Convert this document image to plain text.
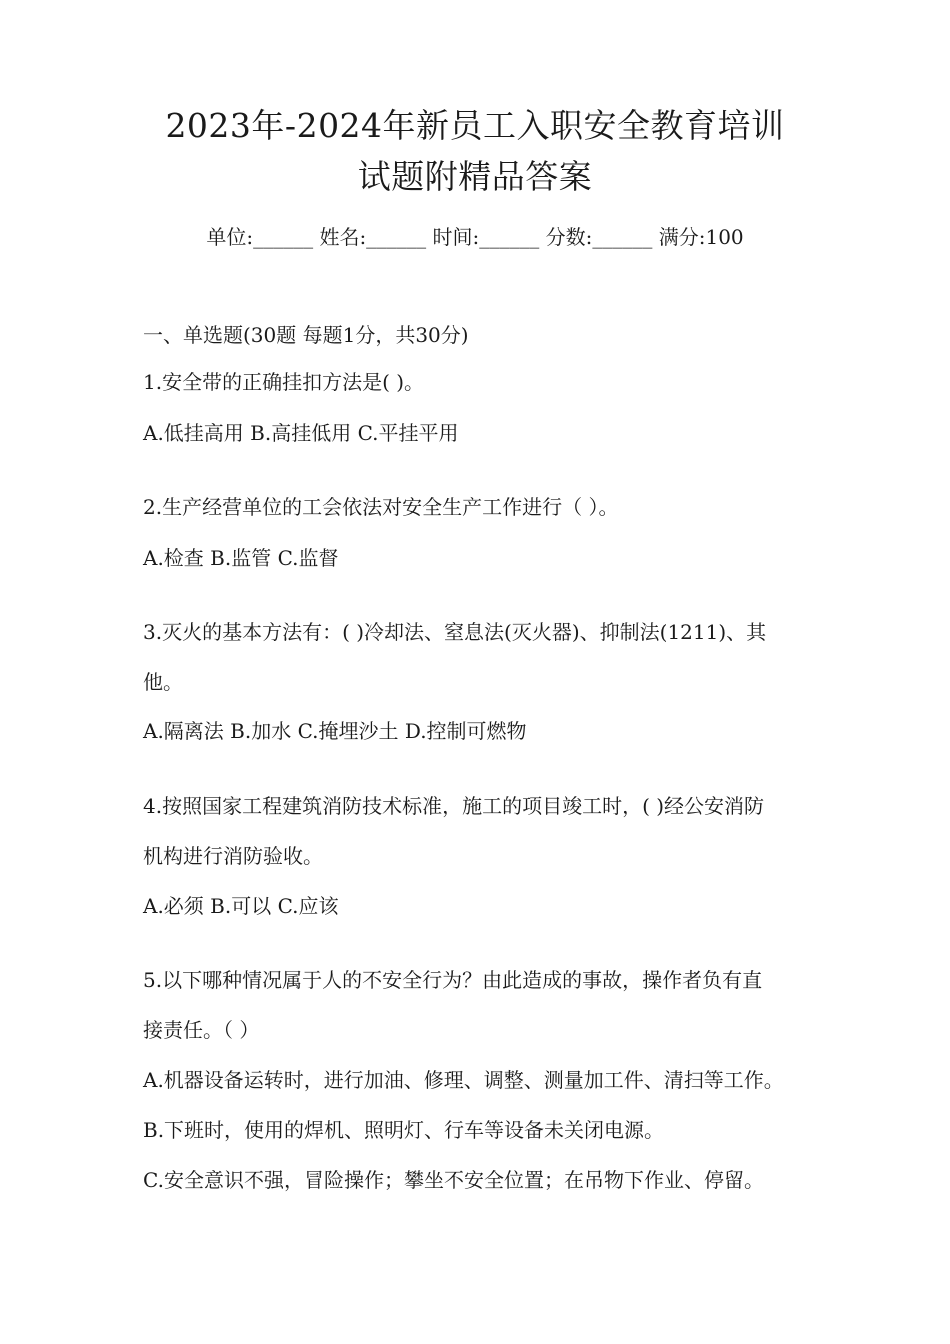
2023年-2024年新员工入职安全教育培训
试题附精品答案
单位:______ 姓名:______ 时间:______ 分数:______ 满分:100
一、单选题(30题 每题1分，共30分)
1.安全带的正确挂扣方法是( )。
A.低挂高用 B.高挂低用 C.平挂平用
2.生产经营单位的工会依法对安全生产工作进行（ ）。
A.检查 B.监管 C.监督
3.灭火的基本方法有：( )冷却法、窒息法(灭火器)、抑制法(1211)、其
他。
A.隔离法 B.加水 C.掩埋沙土 D.控制可燃物
4.按照国家工程建筑消防技术标准，施工的项目竣工时，( )经公安消防
机构进行消防验收。
A.必须 B.可以 C.应该
5.以下哪种情况属于人的不安全行为？由此造成的事故，操作者负有直
接责任。（ ）
A.机器设备运转时，进行加油、修理、调整、测量加工件、清扫等工作。
B.下班时，使用的焊机、照明灯、行车等设备未关闭电源。
C.安全意识不强，冒险操作；攀坐不安全位置；在吊物下作业、停留。
